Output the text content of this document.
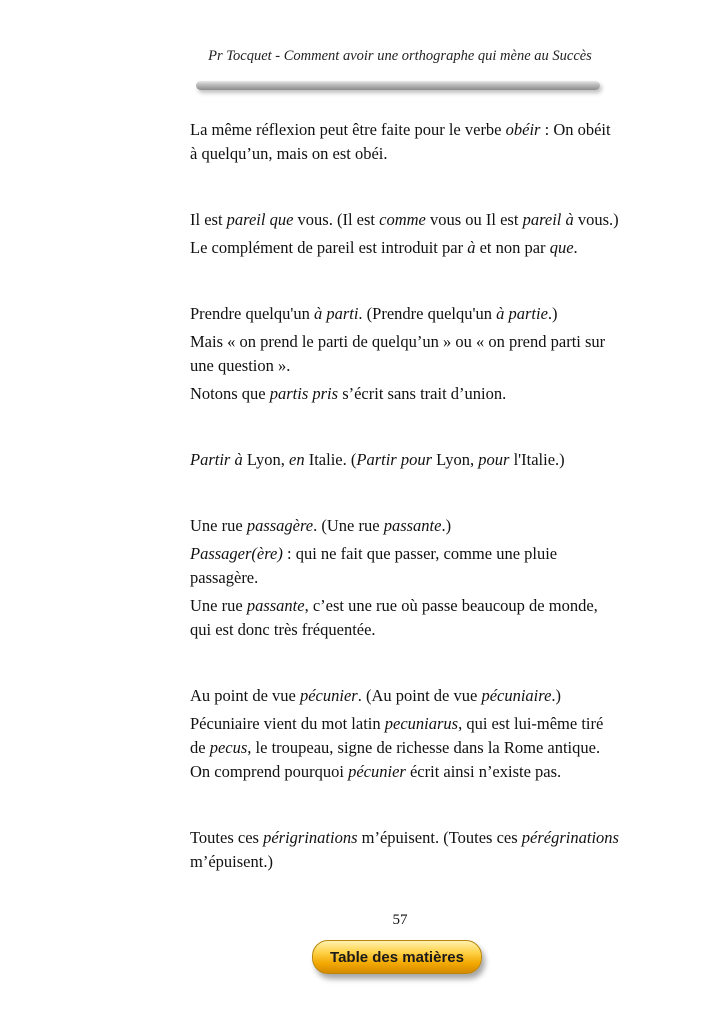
Pr Tocquet - Comment avoir une orthographe qui mène au Succès

La même réflexion peut être faite pour le verbe obéir : On obéit à quelqu’un, mais on est obéi.

Il est pareil que vous. (Il est comme vous ou Il est pareil à vous.)

Le complément de pareil est introduit par à et non par que.

Prendre quelqu'un à parti. (Prendre quelqu'un à partie.)

Mais « on prend le parti de quelqu’un » ou « on prend parti sur une question ».

Notons que partis pris s’écrit sans trait d’union.

Partir à Lyon, en Italie. (Partir pour Lyon, pour l'Italie.)

Une rue passagère. (Une rue passante.)

Passager(ère) : qui ne fait que passer, comme une pluie passagère.

Une rue passante, c’est une rue où passe beaucoup de monde, qui est donc très fréquentée.

Au point de vue pécunier. (Au point de vue pécuniaire.)

Pécuniaire vient du mot latin pecuniarus, qui est lui-même tiré de pecus, le troupeau, signe de richesse dans la Rome antique. On comprend pourquoi pécunier écrit ainsi n’existe pas.

Toutes ces périgrinations m’épuisent. (Toutes ces pérégrinations m’épuisent.)

57
Table des matières
